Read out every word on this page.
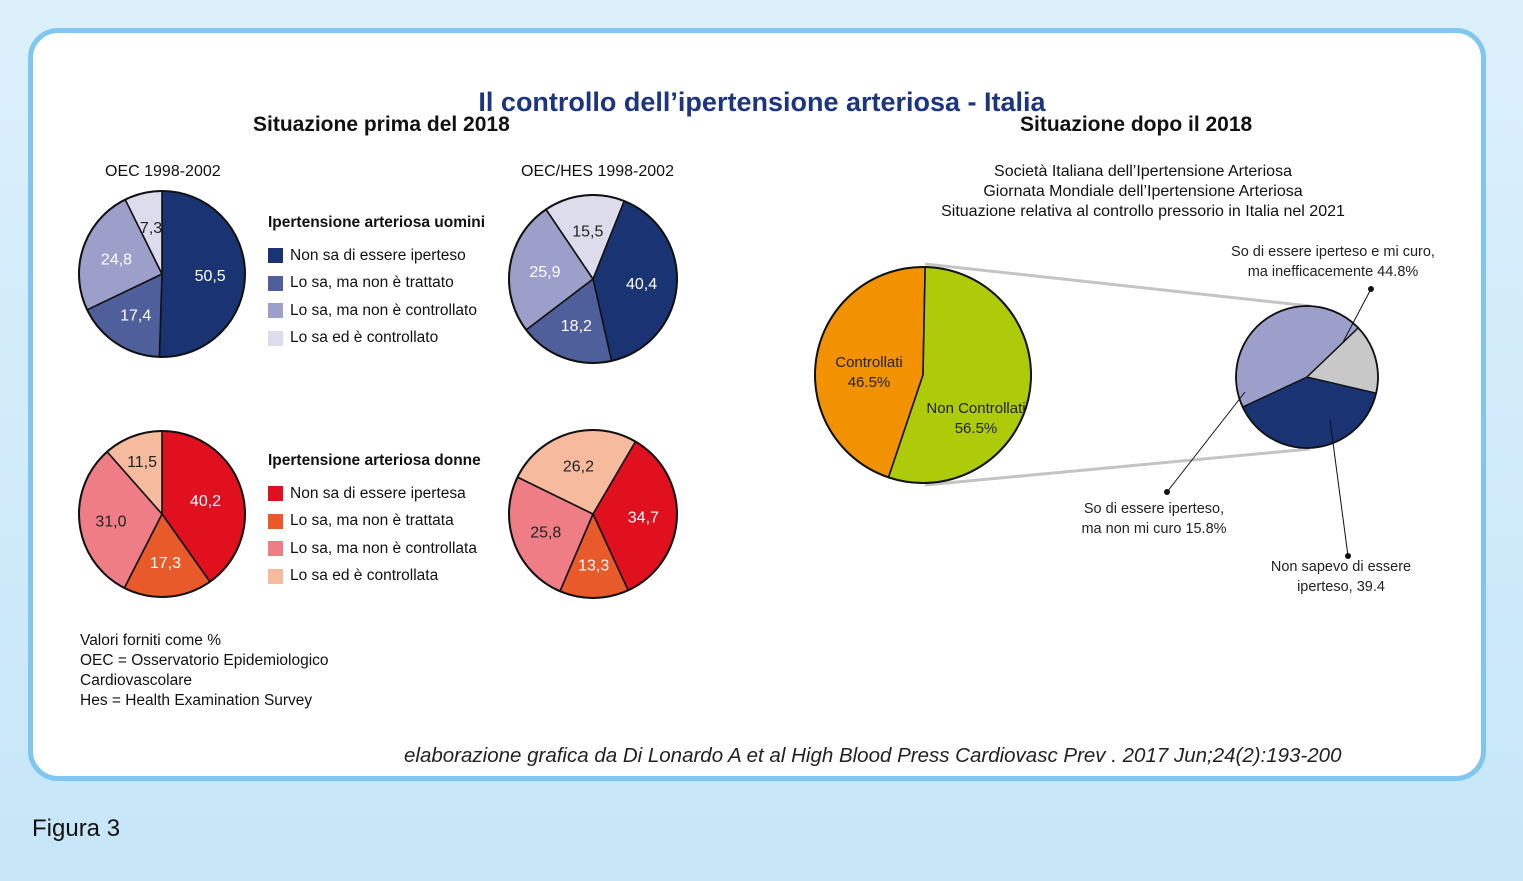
Il controllo dell’ipertensione arteriosa - Italia
Situazione prima del 2018	Situazione dopo il 2018
OEC 1998-2002	OEC/HES 1998-2002	Società Italiana dell’Ipertensione Arteriosa
Giornata Mondiale dell’Ipertensione Arteriosa
Situazione relativa al controllo pressorio in Italia nel 2021
Ipertensione arteriosa uomini
Non sa di essere iperteso
Lo sa, ma non è trattato
Lo sa, ma non è controllato
Lo sa ed è controllato
Ipertensione arteriosa donne
Non sa di essere ipertesa
Lo sa, ma non è trattata
Lo sa, ma non è controllata
Lo sa ed è controllata
50,5
17,4
24,8
7,3
40,4
18,2
25,9
15,5
40,2
17,3
31,0
11,5
34,7
13,3
25,8
26,2
Controllati 46.5%
Non Controllati 56.5%
Non sapevo di essere iperteso, 39.4
So di essere iperteso e mi curo, ma inefficacemente 44.8%
So di essere iperteso, ma non mi curo 15.8%
Valori forniti come %
OEC = Osservatorio Epidemiologico
Cardiovascolare
Hes = Health Examination Survey
elaborazione grafica da Di Lonardo A et al High Blood Press Cardiovasc Prev . 2017 Jun;24(2):193-200
Figura 3
